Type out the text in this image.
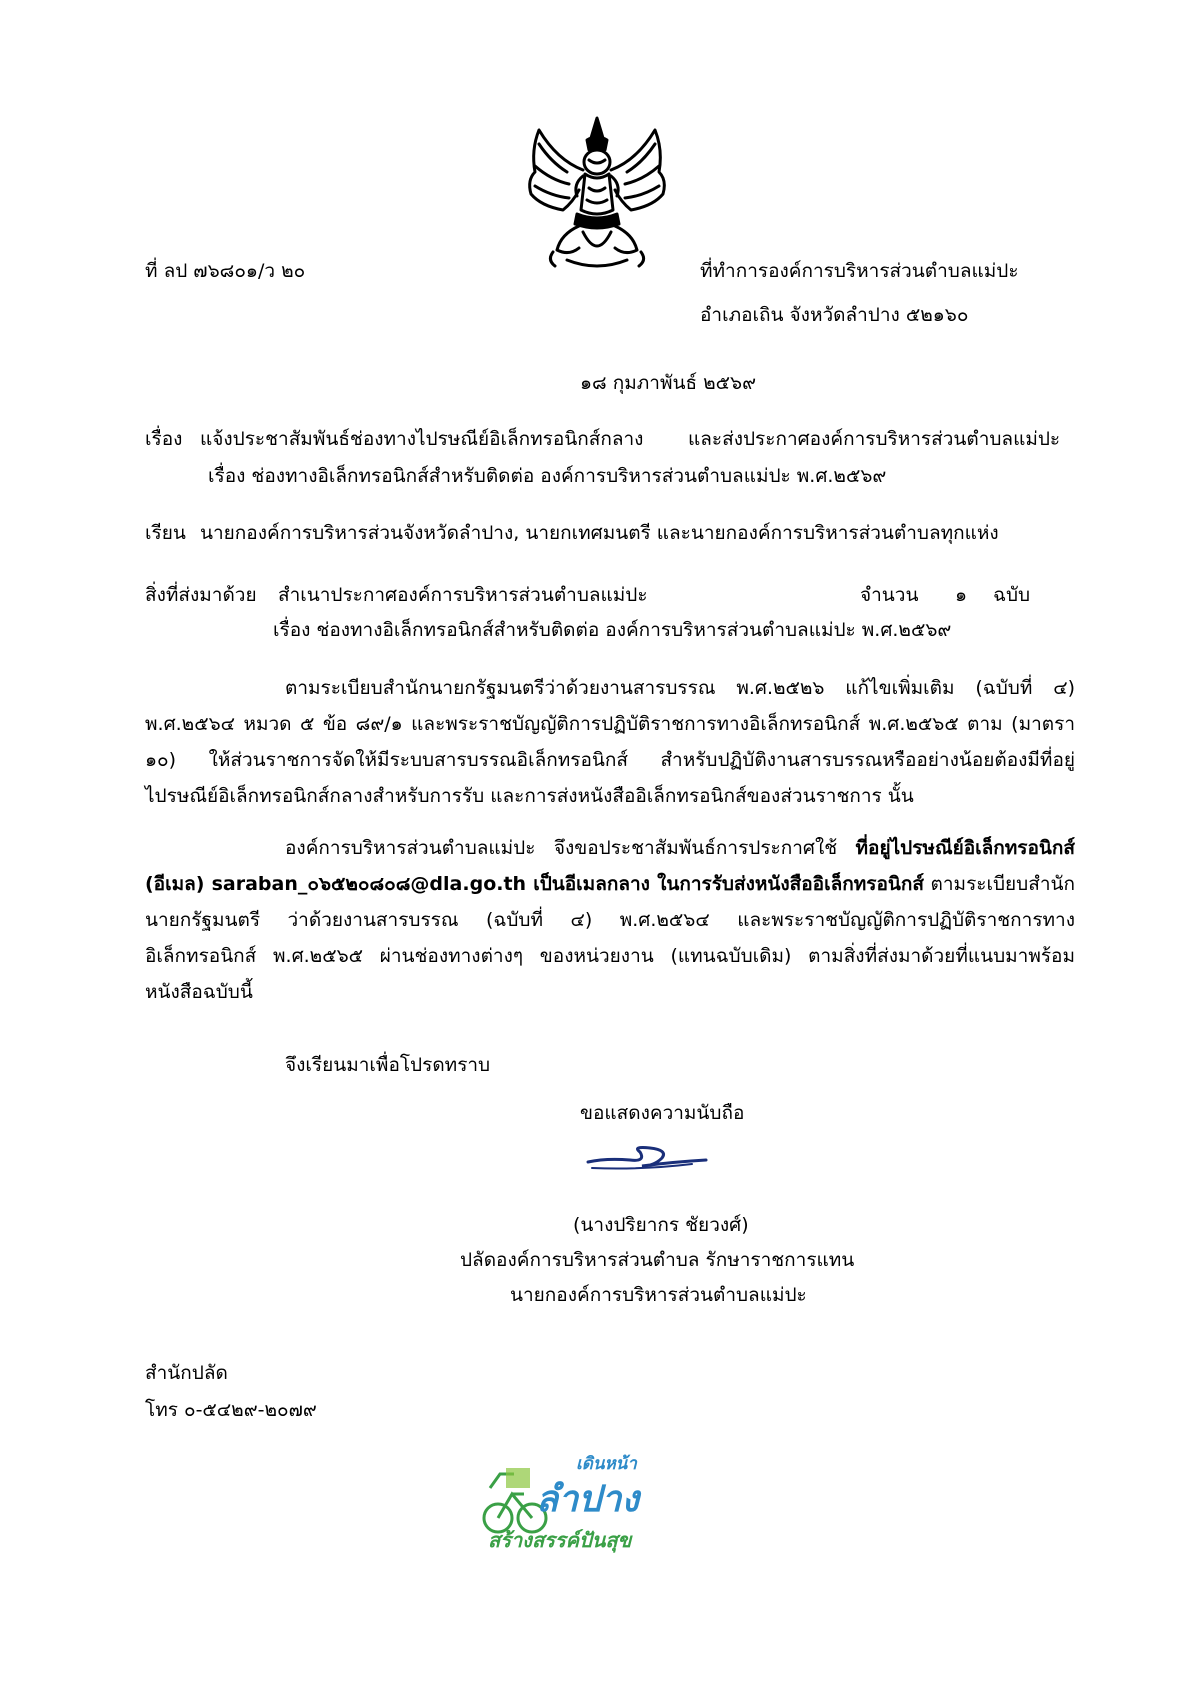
ที่ ลป ๗๖๘๐๑/ว ๒๐	ที่ทำการองค์การบริหารส่วนตำบลแม่ปะ
อำเภอเถิน จังหวัดลำปาง ๕๒๑๖๐
๑๘ กุมภาพันธ์ ๒๕๖๙
เรื่อง แจ้งประชาสัมพันธ์ช่องทางไปรษณีย์อิเล็กทรอนิกส์กลาง และส่งประกาศองค์การบริหารส่วนตำบลแม่ปะ
เรื่อง ช่องทางอิเล็กทรอนิกส์สำหรับติดต่อ องค์การบริหารส่วนตำบลแม่ปะ พ.ศ.๒๕๖๙
เรียน นายกองค์การบริหารส่วนจังหวัดลำปาง, นายกเทศมนตรี และนายกองค์การบริหารส่วนตำบลทุกแห่ง
สิ่งที่ส่งมาด้วย สำเนาประกาศองค์การบริหารส่วนตำบลแม่ปะ	จำนวน ๑ ฉบับ
เรื่อง ช่องทางอิเล็กทรอนิกส์สำหรับติดต่อ องค์การบริหารส่วนตำบลแม่ปะ พ.ศ.๒๕๖๙
ตามระเบียบสำนักนายกรัฐมนตรีว่าด้วยงานสารบรรณ พ.ศ.๒๕๒๖ แก้ไขเพิ่มเติม (ฉบับที่ ๔) พ.ศ.๒๕๖๔ หมวด ๕ ข้อ ๘๙/๑ และพระราชบัญญัติการปฏิบัติราชการทางอิเล็กทรอนิกส์ พ.ศ.๒๕๖๕ ตาม (มาตรา ๑๐) ให้ส่วนราชการจัดให้มีระบบสารบรรณอิเล็กทรอนิกส์ สำหรับปฏิบัติงานสารบรรณหรืออย่างน้อยต้องมีที่อยู่ไปรษณีย์อิเล็กทรอนิกส์กลางสำหรับการรับ และการส่งหนังสืออิเล็กทรอนิกส์ของส่วนราชการ นั้น
องค์การบริหารส่วนตำบลแม่ปะ จึงขอประชาสัมพันธ์การประกาศใช้ ที่อยู่ไปรษณีย์อิเล็กทรอนิกส์ (อีเมล) saraban_๐๖๕๒๐๘๐๘@dla.go.th เป็นอีเมลกลาง ในการรับส่งหนังสืออิเล็กทรอนิกส์ ตามระเบียบสำนักนายกรัฐมนตรี ว่าด้วยงานสารบรรณ (ฉบับที่ ๔) พ.ศ.๒๕๖๔ และพระราชบัญญัติการปฏิบัติราชการทางอิเล็กทรอนิกส์ พ.ศ.๒๕๖๕ ผ่านช่องทางต่างๆ ของหน่วยงาน (แทนฉบับเดิม) ตามสิ่งที่ส่งมาด้วยที่แนบมาพร้อมหนังสือฉบับนี้
จึงเรียนมาเพื่อโปรดทราบ
ขอแสดงความนับถือ
(นางปริยากร ชัยวงศ์)
ปลัดองค์การบริหารส่วนตำบล รักษาราชการแทน
นายกองค์การบริหารส่วนตำบลแม่ปะ
สำนักปลัด
โทร ๐-๕๔๒๙-๒๐๗๙
เดินหน้า
ลำปาง
สร้างสรรค์ปันสุข
